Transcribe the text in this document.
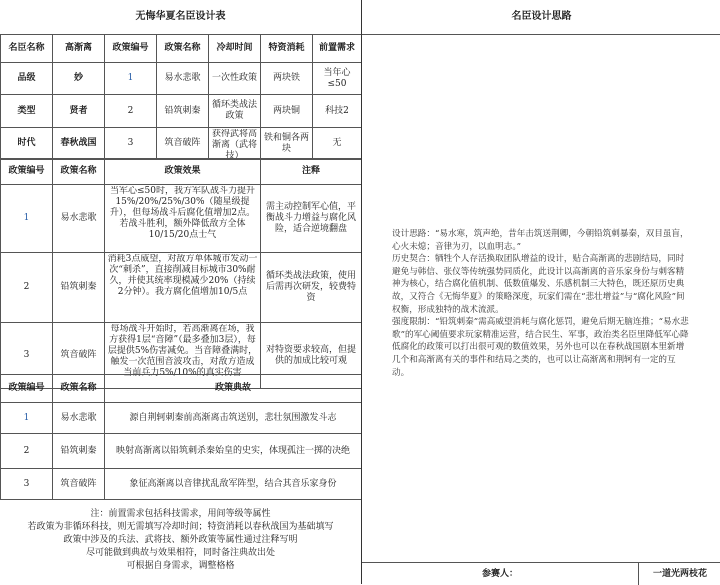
无悔华夏名臣设计表
名臣名称	高渐离	政策编号	政策名称	冷却时间	特资消耗	前置需求
品级	妙	1	易水悲歌	一次性政策	两块铁	当年心≤50
类型	贤者	2	铅筑刺秦	循环类战法政策	两块铜	科技2
时代	春秋战国	3	筑音破阵	获得武将高渐离（武将技）	铁和铜各两块	无
政策编号	政策名称	政策效果	注释
1	易水悲歌	当军心≤50时，我方军队战斗力提升15%/20%/25%/30%（随星级提升），但每场战斗后腐化值增加2点。若战斗胜利，额外降低敌方全体10/15/20点士气	需主动控制军心值，平衡战斗力增益与腐化风险，适合逆境翻盘
2	铅筑刺秦	消耗3点威望，对敌方单体城市发动一次“刺杀”，直接削减目标城市30%耐久，并使其统率现模减少20%（持续2分钟）。我方腐化值增加10/5点	循环类战法政策，使用后需再次研发，较费特资
3	筑音破阵	每场战斗开始时，若高渐离在场，我方获得1层“音障”（最多叠加3层），每层提供5%伤害减免。当音障叠满时，触发一次范围音波攻击，对敌方造成当前兵力5%/10%的真实伤害	对特资要求较高，但提供的加成比较可观
政策编号	政策名称	政策典故
1	易水悲歌	源自荆轲刺秦前高渐离击筑送别，悲壮氛围激发斗志
2	铅筑刺秦	映射高渐离以铅筑刺杀秦始皇的史实，体现孤注一掷的决绝
3	筑音破阵	象征高渐离以音律扰乱敌军阵型，结合其音乐家身份
注：前置需求包括科技需求，用间等级等属性
若政策为非循环科技，则无需填写冷却时间；特资消耗以春秋战国为基础填写
政策中涉及的兵法、武将技、额外政策等属性通过注释写明
尽可能做到典故与效果相符，同时备注典故出处
可根据自身需求，调整格格
名臣设计思路
设计思路：“易水寒，筑声绝，昔年击筑送荆卿，今朝铅筑刺暴秦，双目虽盲，心火未熄；音律为刃，以血明志。”
历史契合：牺牲个人存活换取团队增益的设计，贴合高渐离的悲剧结局，同时避免与韩信、张仪等传统强势同质化，此设计以高渐离的音乐家身份与刺客精神为核心，结合腐化值机制、低数值爆发、乐感机制三大特色，既还原历史典故，又符合《无悔华夏》的策略深度，玩家们需在“悲壮增益”与“腐化风险”间权衡，形成独特的战术流派。
强度限制：“铅筑刺秦”需高威望消耗与腐化惩罚，避免后期无脑连推；“易水悲歌”的军心阈值要求玩家精准运营，结合民生、军事，政治类名臣里降低军心降低腐化的政策可以打出很可观的数值效果，另外也可以在春秋战国剧本里新增几个和高渐离有关的事件和结局之类的，也可以让高渐离和荆轲有一定的互动。
参赛人：	一道光两枝花
